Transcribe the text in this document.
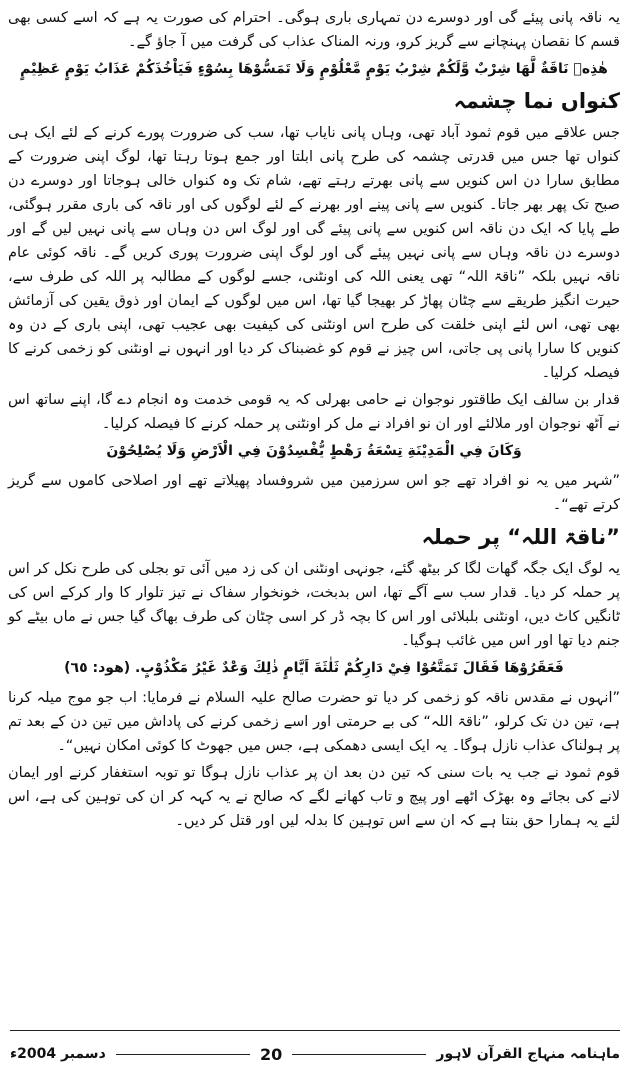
یہ ناقہ پانی پیئے گی اور دوسرے دن تمہاری باری ہوگی۔ احترام کی صورت یہ ہے کہ اسے کسی بھی قسم کا نقصان پہنچانے سے گریز کرو، ورنہ المناک عذاب کی گرفت میں آ جاؤ گے۔

هٰذِهٖ نَاقَةٌ لَّهَا شِرْبٌ وَّلَكُمْ شِرْبُ يَوْمٍ مَّعْلُوْمٍ وَلَا تَمَسُّوْهَا بِسُوْٓءٍ فَيَاْخُذَكُمْ عَذَابُ يَوْمٍ عَظِيْمٍ

کنواں نما چشمہ

جس علاقے میں قوم ثمود آباد تھی، وہاں پانی نایاب تھا، سب کی ضرورت پورے کرنے کے لئے ایک ہی کنواں تھا جس میں قدرتی چشمہ کی طرح پانی ابلتا اور جمع ہوتا رہتا تھا، لوگ اپنی ضرورت کے مطابق سارا دن اس کنویں سے پانی بھرتے رہتے تھے، شام تک وہ کنواں خالی ہوجاتا اور دوسرے دن صبح تک پھر بھر جاتا۔ کنویں سے پانی پینے اور بھرنے کے لئے لوگوں کی اور ناقہ کی باری مقرر ہوگئی، طے پایا کہ ایک دن ناقہ اس کنویں سے پانی پیئے گی اور لوگ اس دن وہاں سے پانی نہیں لیں گے اور دوسرے دن ناقہ وہاں سے پانی نہیں پیئے گی اور لوگ اپنی ضرورت پوری کریں گے۔ ناقہ کوئی عام ناقہ نہیں بلکہ ”ناقۃ اللہ“ تھی یعنی اللہ کی اونٹنی، جسے لوگوں کے مطالبہ پر اللہ کی طرف سے، حیرت انگیز طریقے سے چٹان پھاڑ کر بھیجا گیا تھا، اس میں لوگوں کے ایمان اور ذوق یقین کی آزمائش بھی تھی، اس لئے اپنی خلقت کی طرح اس اونٹنی کی کیفیت بھی عجیب تھی، اپنی باری کے دن وہ کنویں کا سارا پانی پی جاتی، اس چیز نے قوم کو غضبناک کر دیا اور انہوں نے اونٹنی کو زخمی کرنے کا فیصلہ کرلیا۔

قدار بن سالف ایک طاقتور نوجوان نے حامی بھرلی کہ یہ قومی خدمت وہ انجام دے گا، اپنے ساتھ اس نے آٹھ نوجوان اور ملالئے اور ان نو افراد نے مل کر اونٹنی پر حملہ کرنے کا فیصلہ کرلیا۔

وَكَانَ فِي الْمَدِيْنَةِ تِسْعَةُ رَهْطٍ يُّفْسِدُوْنَ فِي الْاَرْضِ وَلَا يُصْلِحُوْنَ

”شہر میں یہ نو افراد تھے جو اس سرزمین میں شروفساد پھیلاتے تھے اور اصلاحی کاموں سے گریز کرتے تھے“۔

”ناقۃ اللہ“ پر حملہ

یہ لوگ ایک جگہ گھات لگا کر بیٹھ گئے، جونہی اونٹنی ان کی زد میں آئی تو بجلی کی طرح نکل کر اس پر حملہ کر دیا۔ قدار سب سے آگے تھا، اس بدبخت، خونخوار سفاک نے تیز تلوار کا وار کرکے اس کی ٹانگیں کاٹ دیں، اونٹنی بلبلائی اور اس کا بچہ ڈر کر اسی چٹان کی طرف بھاگ گیا جس نے ماں بیٹے کو جنم دیا تھا اور اس میں غائب ہوگیا۔

فَعَقَرُوْهَا فَقَالَ تَمَتَّعُوْا فِيْ دَارِكُمْ ثَلٰثَةَ اَيَّامٍ ذٰلِكَ وَعْدٌ غَيْرُ مَكْذُوْبٍ. (ھود: ٦٥)

”انہوں نے مقدس ناقہ کو زخمی کر دیا تو حضرت صالح علیہ السلام نے فرمایا: اب جو موج میلہ کرنا ہے، تین دن تک کرلو، ”ناقۃ اللہ“ کی بے حرمتی اور اسے زخمی کرنے کی پاداش میں تین دن کے بعد تم پر ہولناک عذاب نازل ہوگا۔ یہ ایک ایسی دھمکی ہے، جس میں جھوٹ کا کوئی امکان نہیں“۔

قوم ثمود نے جب یہ بات سنی کہ تین دن بعد ان پر عذاب نازل ہوگا تو توبہ استغفار کرنے اور ایمان لانے کی بجائے وہ بھڑک اٹھے اور پیچ و تاب کھانے لگے کہ صالح نے یہ کہہ کر ان کی توہین کی ہے، اس لئے یہ ہمارا حق بنتا ہے کہ ان سے اس توہین کا بدلہ لیں اور قتل کر دیں۔

ماہنامہ منہاج القرآن لاہور
20
دسمبر 2004ء
